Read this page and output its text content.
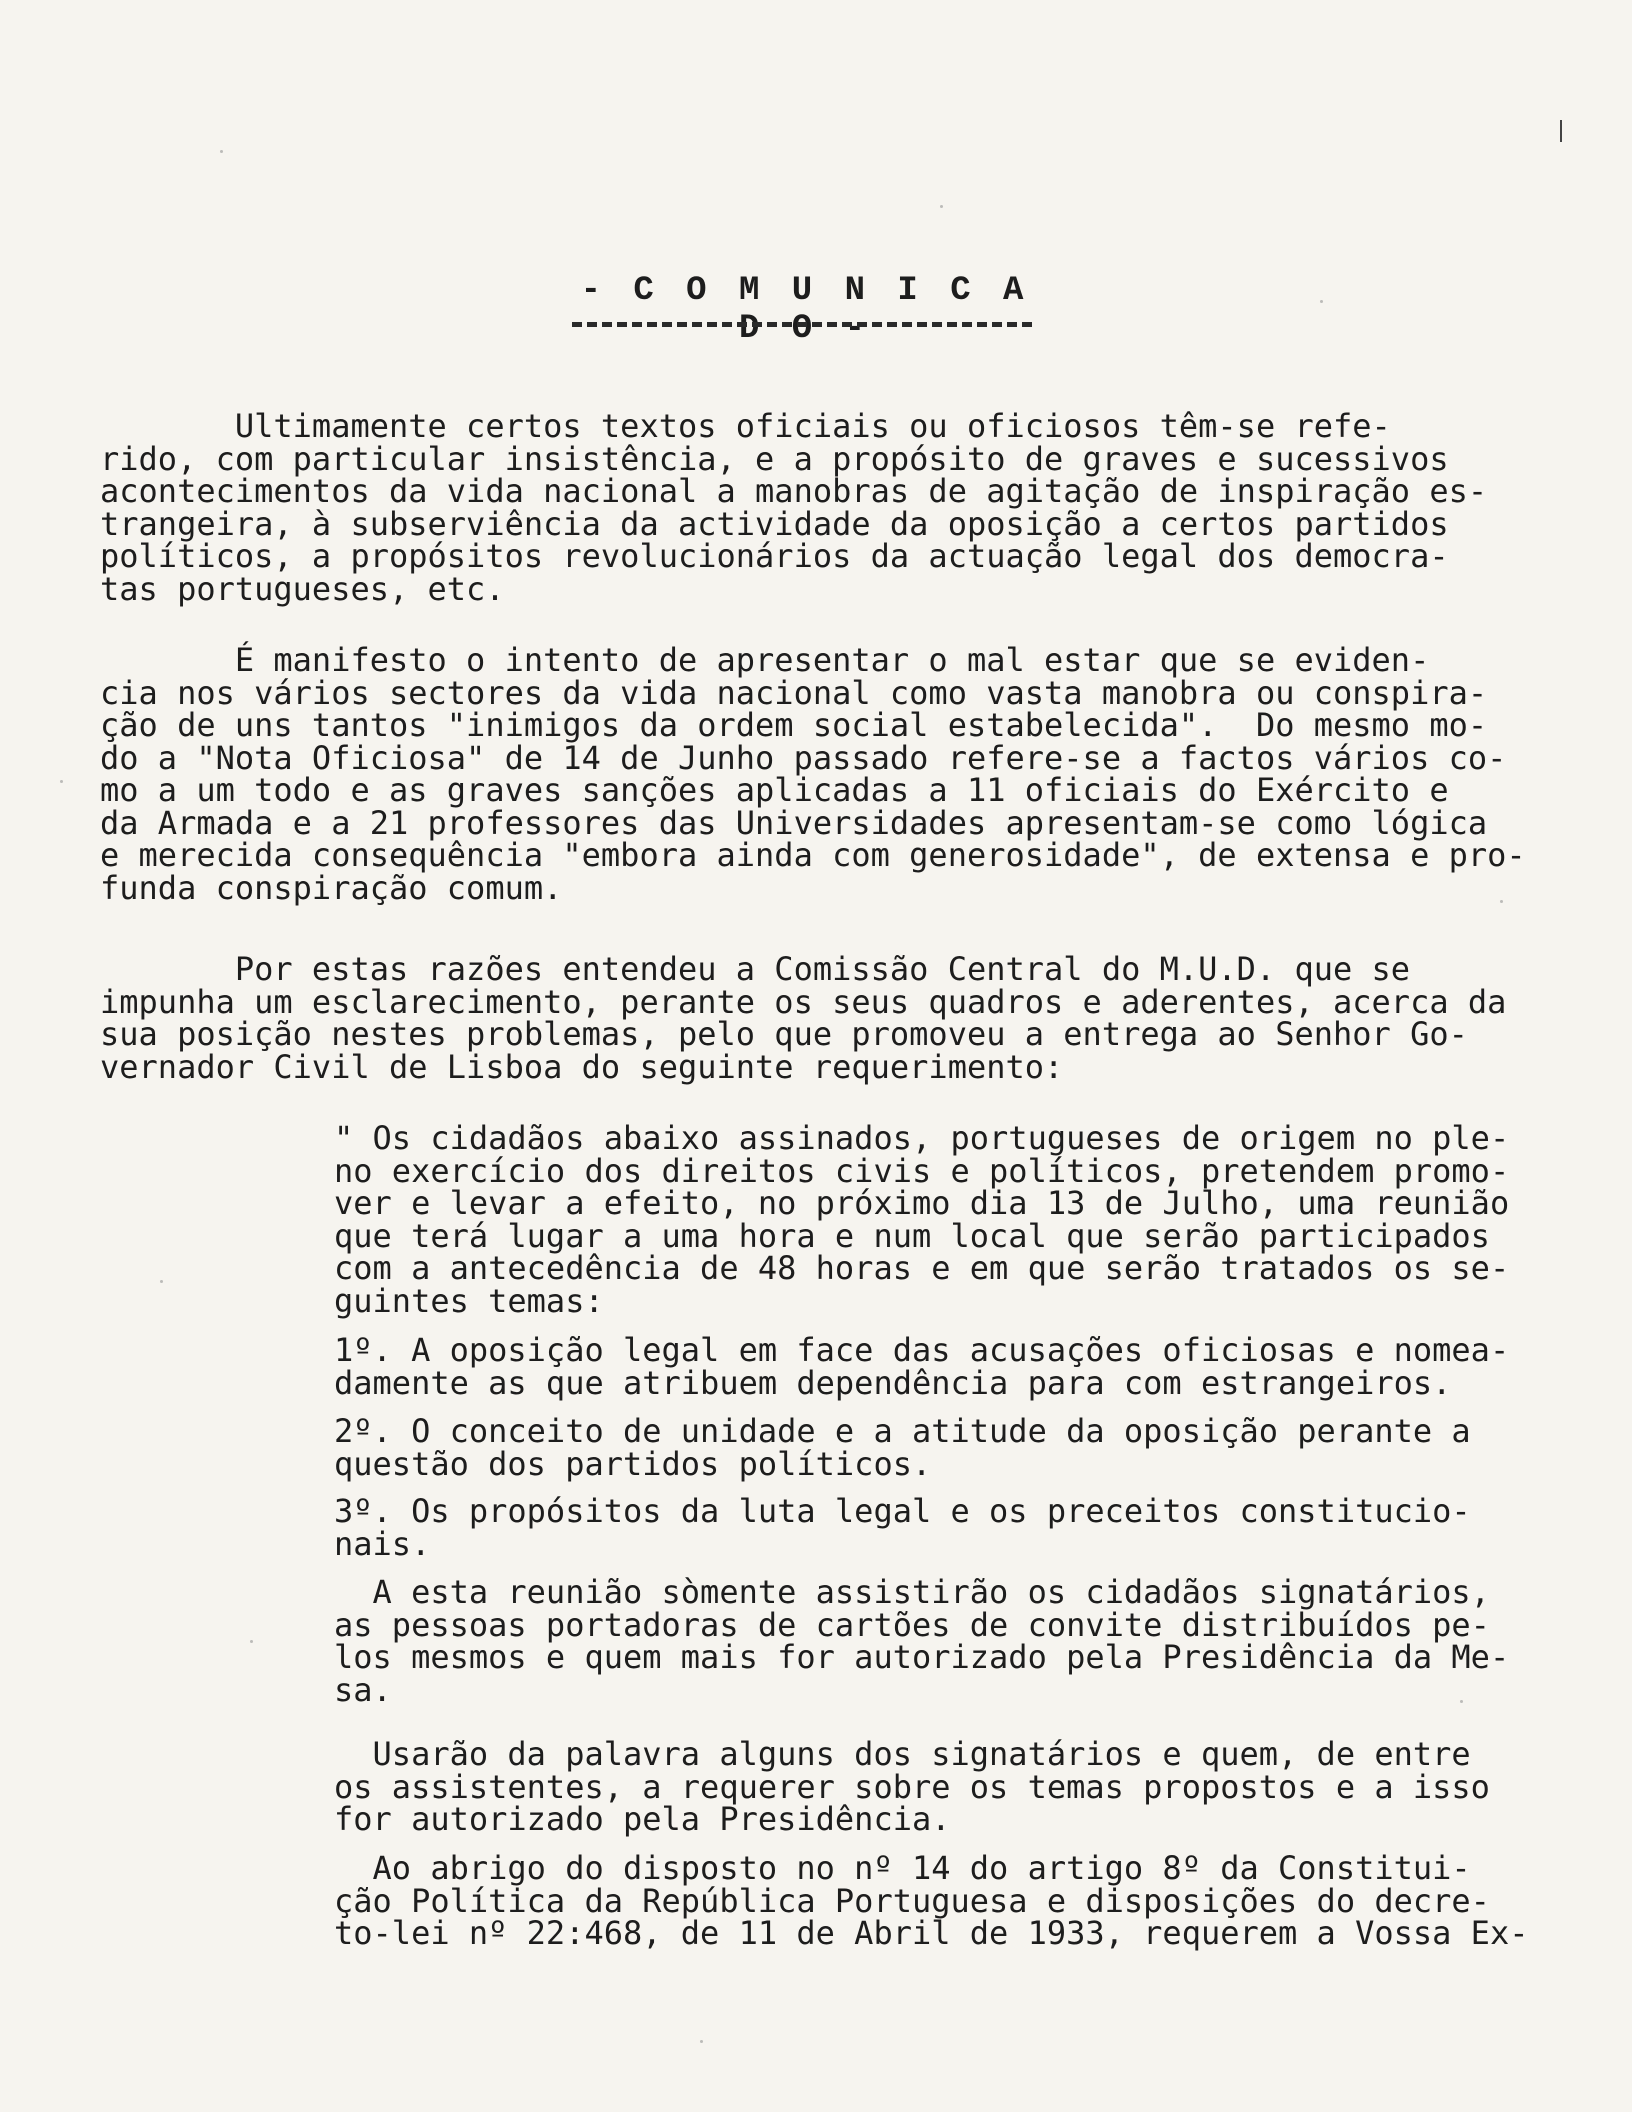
- C O M U N I C A D O -
Ultimamente certos textos oficiais ou oficiosos têm-se refe-
rido, com particular insistência, e a propósito de graves e sucessivos
acontecimentos da vida nacional a manobras de agitação de inspiração es-
trangeira, à subserviência da actividade da oposição a certos partidos
políticos, a propósitos revolucionários da actuação legal dos democra-
tas portugueses, etc.
É manifesto o intento de apresentar o mal estar que se eviden-
cia nos vários sectores da vida nacional como vasta manobra ou conspira-
ção de uns tantos "inimigos da ordem social estabelecida".  Do mesmo mo-
do a "Nota Oficiosa" de 14 de Junho passado refere-se a factos vários co-
mo a um todo e as graves sanções aplicadas a 11 oficiais do Exército e
da Armada e a 21 professores das Universidades apresentam-se como lógica
e merecida consequência "embora ainda com generosidade", de extensa e pro-
funda conspiração comum.
Por estas razões entendeu a Comissão Central do M.U.D. que se
impunha um esclarecimento, perante os seus quadros e aderentes, acerca da
sua posição nestes problemas, pelo que promoveu a entrega ao Senhor Go-
vernador Civil de Lisboa do seguinte requerimento:
" Os cidadãos abaixo assinados, portugueses de origem no ple-
no exercício dos direitos civis e políticos, pretendem promo-
ver e levar a efeito, no próximo dia 13 de Julho, uma reunião
que terá lugar a uma hora e num local que serão participados
com a antecedência de 48 horas e em que serão tratados os se-
guintes temas:
1º. A oposição legal em face das acusações oficiosas e nomea-
damente as que atribuem dependência para com estrangeiros.
2º. O conceito de unidade e a atitude da oposição perante a
questão dos partidos políticos.
3º. Os propósitos da luta legal e os preceitos constitucio-
nais.
A esta reunião sòmente assistirão os cidadãos signatários,
as pessoas portadoras de cartões de convite distribuídos pe-
los mesmos e quem mais for autorizado pela Presidência da Me-
sa.
Usarão da palavra alguns dos signatários e quem, de entre
os assistentes, a requerer sobre os temas propostos e a isso
for autorizado pela Presidência.
Ao abrigo do disposto no nº 14 do artigo 8º da Constitui-
ção Política da República Portuguesa e disposições do decre-
to-lei nº 22:468, de 11 de Abril de 1933, requerem a Vossa Ex-
